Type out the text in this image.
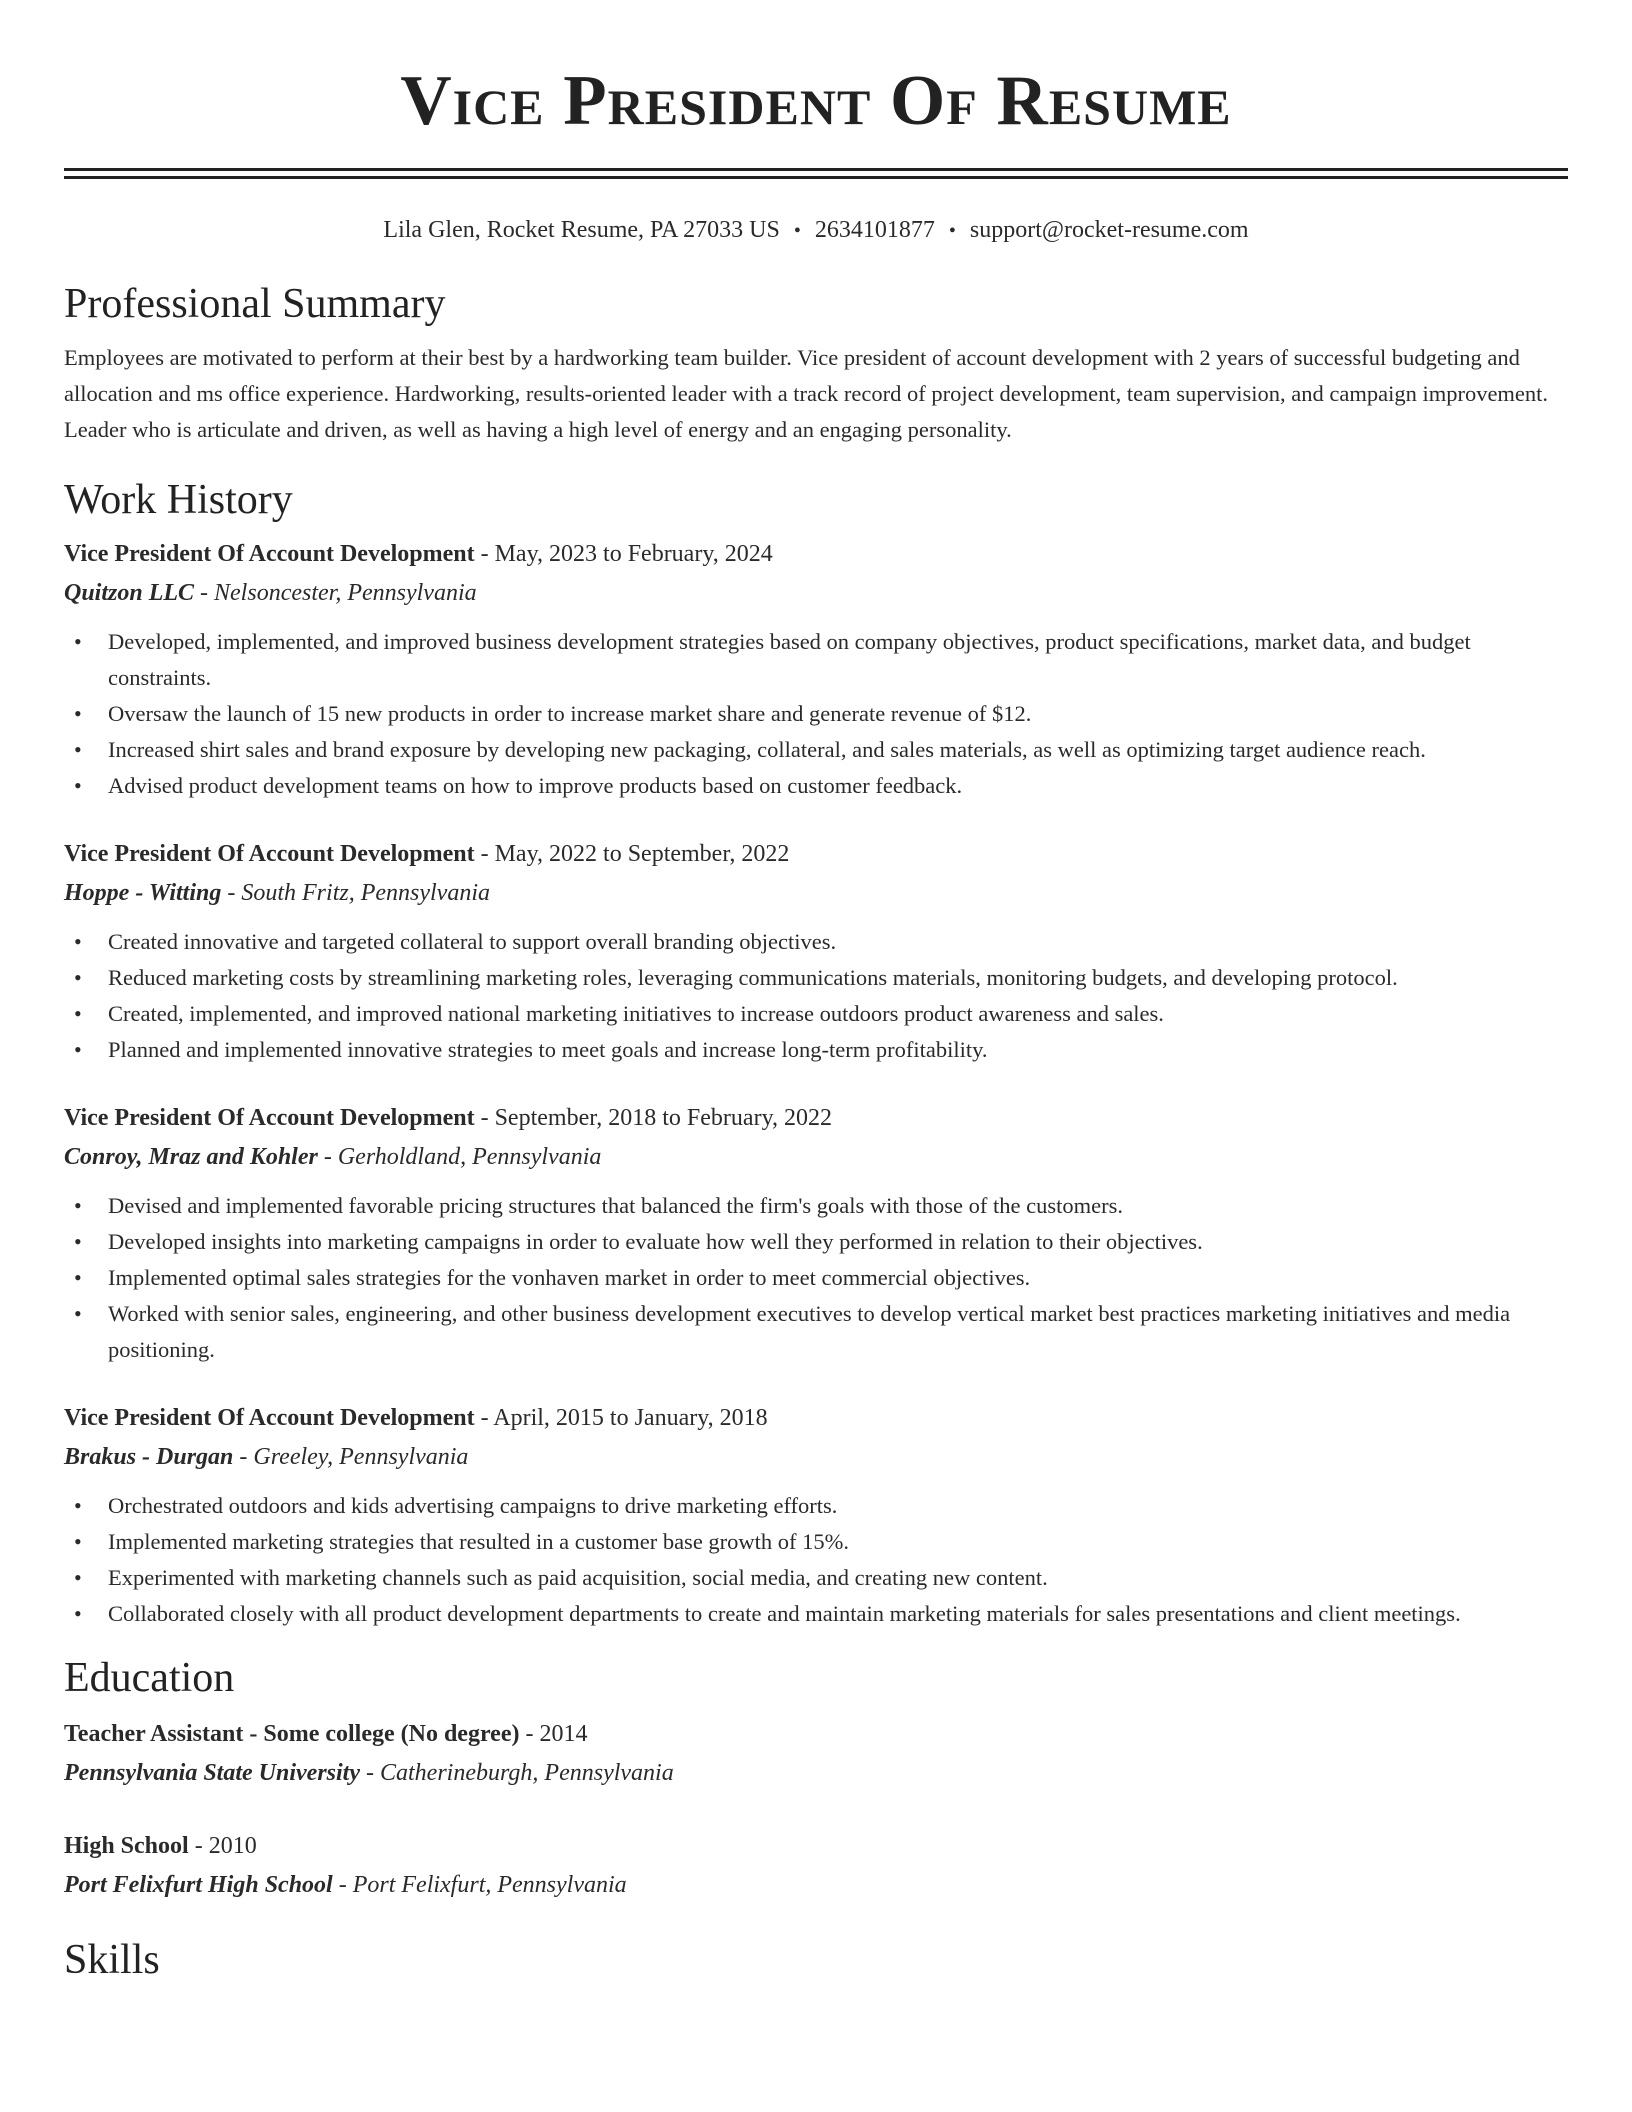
Vice President Of Resume
Lila Glen, Rocket Resume, PA 27033 US • 2634101877 • support@rocket-resume.com
Professional Summary

Employees are motivated to perform at their best by a hardworking team builder. Vice president of account development with 2 years of successful budgeting and allocation and ms office experience. Hardworking, results-oriented leader with a track record of project development, team supervision, and campaign improvement. Leader who is articulate and driven, as well as having a high level of energy and an engaging personality.

Work History
Vice President Of Account Development - May, 2023 to February, 2024
Quitzon LLC - Nelsoncester, Pennsylvania
• Developed, implemented, and improved business development strategies based on company objectives, product specifications, market data, and budget constraints.
• Oversaw the launch of 15 new products in order to increase market share and generate revenue of $12.
• Increased shirt sales and brand exposure by developing new packaging, collateral, and sales materials, as well as optimizing target audience reach.
• Advised product development teams on how to improve products based on customer feedback.
Vice President Of Account Development - May, 2022 to September, 2022
Hoppe - Witting - South Fritz, Pennsylvania
• Created innovative and targeted collateral to support overall branding objectives.
• Reduced marketing costs by streamlining marketing roles, leveraging communications materials, monitoring budgets, and developing protocol.
• Created, implemented, and improved national marketing initiatives to increase outdoors product awareness and sales.
• Planned and implemented innovative strategies to meet goals and increase long-term profitability.
Vice President Of Account Development - September, 2018 to February, 2022
Conroy, Mraz and Kohler - Gerholdland, Pennsylvania
• Devised and implemented favorable pricing structures that balanced the firm's goals with those of the customers.
• Developed insights into marketing campaigns in order to evaluate how well they performed in relation to their objectives.
• Implemented optimal sales strategies for the vonhaven market in order to meet commercial objectives.
• Worked with senior sales, engineering, and other business development executives to develop vertical market best practices marketing initiatives and media positioning.
Vice President Of Account Development - April, 2015 to January, 2018
Brakus - Durgan - Greeley, Pennsylvania
• Orchestrated outdoors and kids advertising campaigns to drive marketing efforts.
• Implemented marketing strategies that resulted in a customer base growth of 15%.
• Experimented with marketing channels such as paid acquisition, social media, and creating new content.
• Collaborated closely with all product development departments to create and maintain marketing materials for sales presentations and client meetings.
Education
Teacher Assistant - Some college (No degree) - 2014
Pennsylvania State University - Catherineburgh, Pennsylvania
High School - 2010
Port Felixfurt High School - Port Felixfurt, Pennsylvania
Skills
